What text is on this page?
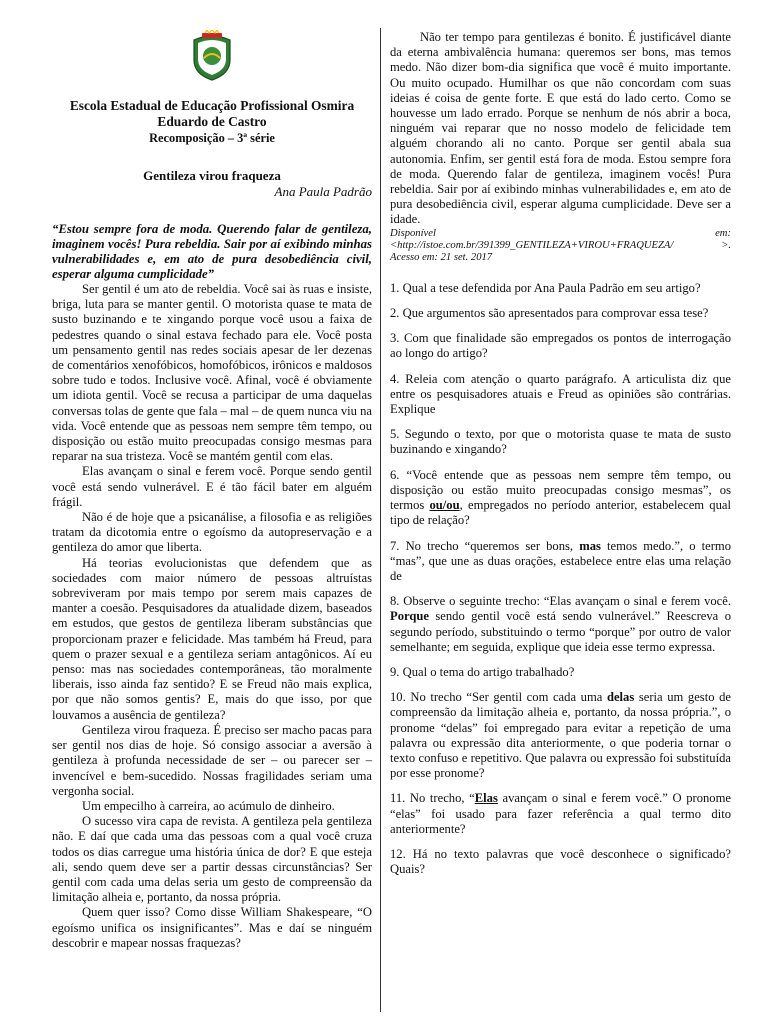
Escola Estadual de Educação Profissional Osmira

Eduardo de Castro

Recomposição – 3ª série

Gentileza virou fraqueza

Ana Paula Padrão

“Estou sempre fora de moda. Querendo falar de gentileza, imaginem vocês! Pura rebeldia. Sair por aí exibindo minhas vulnerabilidades e, em ato de pura desobediência civil, esperar alguma cumplicidade”

Ser gentil é um ato de rebeldia. Você sai às ruas e insiste, briga, luta para se manter gentil. O motorista quase te mata de susto buzinando e te xingando porque você usou a faixa de pedestres quando o sinal estava fechado para ele. Você posta um pensamento gentil nas redes sociais apesar de ler dezenas de comentários xenofóbicos, homofóbicos, irônicos e maldosos sobre tudo e todos. Inclusive você. Afinal, você é obviamente um idiota gentil. Você se recusa a participar de uma daquelas conversas tolas de gente que fala – mal – de quem nunca viu na vida. Você entende que as pessoas nem sempre têm tempo, ou disposição ou estão muito preocupadas consigo mesmas para reparar na sua tristeza. Você se mantém gentil com elas.

Elas avançam o sinal e ferem você. Porque sendo gentil você está sendo vulnerável. E é tão fácil bater em alguém frágil.

Não é de hoje que a psicanálise, a filosofia e as religiões tratam da dicotomia entre o egoísmo da autopreservação e a gentileza do amor que liberta.

Há teorias evolucionistas que defendem que as sociedades com maior número de pessoas altruístas sobreviveram por mais tempo por serem mais capazes de manter a coesão. Pesquisadores da atualidade dizem, baseados em estudos, que gestos de gentileza liberam substâncias que proporcionam prazer e felicidade. Mas também há Freud, para quem o prazer sexual e a gentileza seriam antagônicos. Aí eu penso: mas nas sociedades contemporâneas, tão moralmente liberais, isso ainda faz sentido? E se Freud não mais explica, por que não somos gentis? E, mais do que isso, por que louvamos a ausência de gentileza?

Gentileza virou fraqueza. É preciso ser macho pacas para ser gentil nos dias de hoje. Só consigo associar a aversão à gentileza à profunda necessidade de ser – ou parecer ser – invencível e bem-sucedido. Nossas fragilidades seriam uma vergonha social.

Um empecilho à carreira, ao acúmulo de dinheiro.

O sucesso vira capa de revista. A gentileza pela gentileza não. E daí que cada uma das pessoas com a qual você cruza todos os dias carregue uma história única de dor? E que esteja ali, sendo quem deve ser a partir dessas circunstâncias? Ser gentil com cada uma delas seria um gesto de compreensão da limitação alheia e, portanto, da nossa própria.

Quem quer isso? Como disse William Shakespeare, “O egoísmo unifica os insignificantes”. Mas e daí se ninguém descobrir e mapear nossas fraquezas?

Não ter tempo para gentilezas é bonito. É justificável diante da eterna ambivalência humana: queremos ser bons, mas temos medo. Não dizer bom-dia significa que você é muito importante. Ou muito ocupado. Humilhar os que não concordam com suas ideias é coisa de gente forte. E que está do lado certo. Como se houvesse um lado errado. Porque se nenhum de nós abrir a boca, ninguém vai reparar que no nosso modelo de felicidade tem alguém chorando ali no canto. Porque ser gentil abala sua autonomia. Enfim, ser gentil está fora de moda. Estou sempre fora de moda. Querendo falar de gentileza, imaginem vocês! Pura rebeldia. Sair por aí exibindo minhas vulnerabilidades e, em ato de pura desobediência civil, esperar alguma cumplicidade. Deve ser a idade.

Disponível	em:
<http://istoe.com.br/391399_GENTILEZA+VIROU+FRAQUEZA/	>.

Acesso em: 21 set. 2017

1. Qual a tese defendida por Ana Paula Padrão em seu artigo?

2. Que argumentos são apresentados para comprovar essa tese?

3. Com que finalidade são empregados os pontos de interrogação ao longo do artigo?

4. Releia com atenção o quarto parágrafo. A articulista diz que entre os pesquisadores atuais e Freud as opiniões são contrárias. Explique

5. Segundo o texto, por que o motorista quase te mata de susto buzinando e xingando?

6. “Você entende que as pessoas nem sempre têm tempo, ou disposição ou estão muito preocupadas consigo mesmas”, os termos ou/ou, empregados no período anterior, estabelecem qual tipo de relação?

7. No trecho “queremos ser bons, mas temos medo.”, o termo “mas”, que une as duas orações, estabelece entre elas uma relação de

8. Observe o seguinte trecho: “Elas avançam o sinal e ferem você. Porque sendo gentil você está sendo vulnerável.” Reescreva o segundo período, substituindo o termo “porque” por outro de valor semelhante; em seguida, explique que ideia esse termo expressa.

9. Qual o tema do artigo trabalhado?

10. No trecho “Ser gentil com cada uma delas seria um gesto de compreensão da limitação alheia e, portanto, da nossa própria.”, o pronome “delas” foi empregado para evitar a repetição de uma palavra ou expressão dita anteriormente, o que poderia tornar o texto confuso e repetitivo. Que palavra ou expressão foi substituída por esse pronome?

11. No trecho, “Elas avançam o sinal e ferem você.” O pronome “elas” foi usado para fazer referência a qual termo dito anteriormente?

12. Há no texto palavras que você desconhece o significado? Quais?
